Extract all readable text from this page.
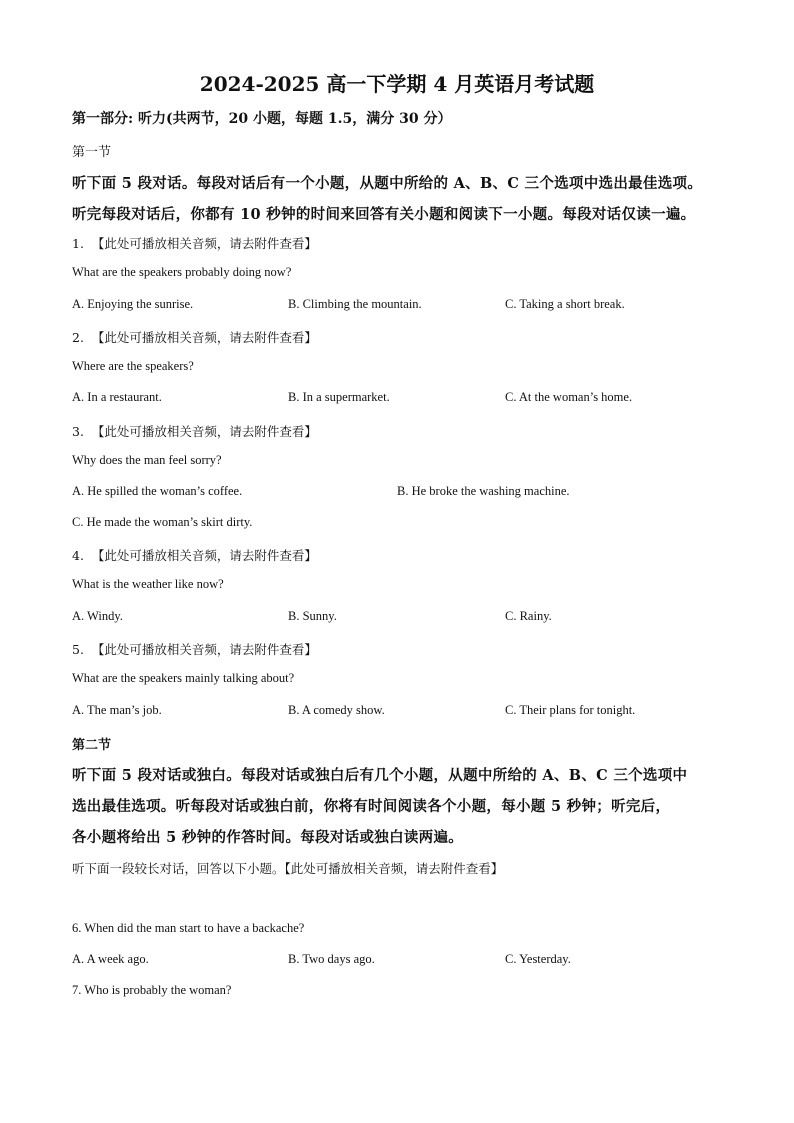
2024-2025 高一下学期 4 月英语月考试题
第一部分: 听力(共两节，20 小题，每题 1.5，满分 30 分）
第一节
听下面 5 段对话。每段对话后有一个小题，从题中所给的 A、B、C 三个选项中选出最佳选项。
听完每段对话后，你都有 10 秒钟的时间来回答有关小题和阅读下一小题。每段对话仅读一遍。
1. 【此处可播放相关音频，请去附件查看】
What are the speakers probably doing now?
A. Enjoying the sunrise.	B. Climbing the mountain.	C. Taking a short break.
2. 【此处可播放相关音频，请去附件查看】
Where are the speakers?
A. In a restaurant.	B. In a supermarket.	C. At the woman’s home.
3. 【此处可播放相关音频，请去附件查看】
Why does the man feel sorry?
A. He spilled the woman’s coffee.	B. He broke the washing machine.
C. He made the woman’s skirt dirty.
4. 【此处可播放相关音频，请去附件查看】
What is the weather like now?
A. Windy.	B. Sunny.	C. Rainy.
5. 【此处可播放相关音频，请去附件查看】
What are the speakers mainly talking about?
A. The man’s job.	B. A comedy show.	C. Their plans for tonight.
第二节
听下面 5 段对话或独白。每段对话或独白后有几个小题，从题中所给的 A、B、C 三个选项中
选出最佳选项。听每段对话或独白前，你将有时间阅读各个小题，每小题 5 秒钟；听完后，
各小题将给出 5 秒钟的作答时间。每段对话或独白读两遍。
听下面一段较长对话，回答以下小题。【此处可播放相关音频，请去附件查看】
6. When did the man start to have a backache?
A. A week ago.	B. Two days ago.	C. Yesterday.
7. Who is probably the woman?
